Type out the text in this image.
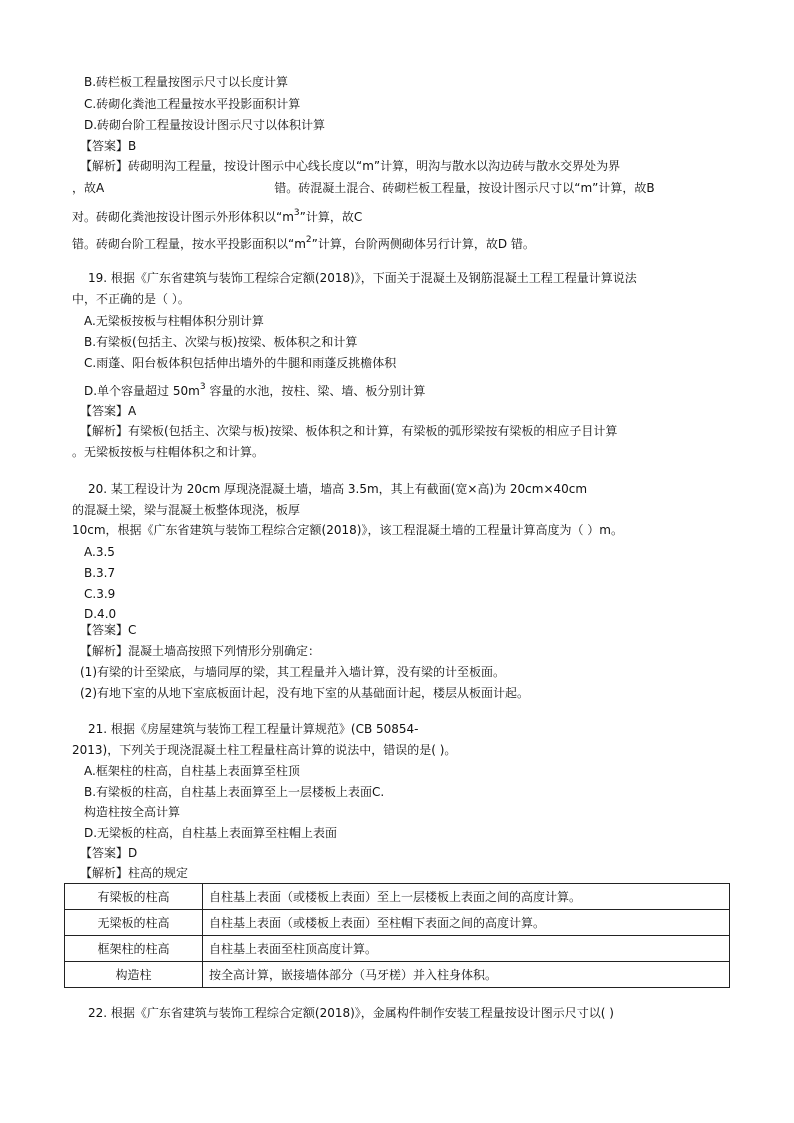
B.砖栏板工程量按图示尺寸以长度计算
C.砖砌化粪池工程量按水平投影面积计算
D.砖砌台阶工程量按设计图示尺寸以体积计算
【答案】B
【解析】砖砌明沟工程量，按设计图示中心线长度以“m”计算，明沟与散水以沟边砖与散水交界处为界
，故A	错。砖混凝土混合、砖砌栏板工程量，按设计图示尺寸以“m”计算，故B
对。砖砌化粪池按设计图示外形体积以“$m^3$”计算，故C
错。砖砌台阶工程量，按水平投影面积以“$m^2$”计算，台阶两侧砌体另行计算，故D 错。
19. 根据《广东省建筑与装饰工程综合定额(2018)》，下面关于混凝土及钢筋混凝土工程工程量计算说法
中，不正确的是（ ）。
A.无梁板按板与柱帽体积分别计算
B.有梁板(包括主、次梁与板)按梁、板体积之和计算
C.雨蓬、阳台板体积包括伸出墙外的牛腿和雨蓬反挑檐体积
D.单个容量超过 $50m^3$ 容量的水池，按柱、梁、墙、板分别计算
【答案】A
【解析】有梁板(包括主、次梁与板)按梁、板体积之和计算，有梁板的弧形梁按有梁板的相应子目计算
。无梁板按板与柱帽体积之和计算。
20. 某工程设计为 20cm 厚现浇混凝土墙，墙高 3.5m，其上有截面(宽×高)为 20cm×40cm
的混凝土梁，梁与混凝土板整体现浇，板厚
10cm，根据《广东省建筑与装饰工程综合定额(2018)》，该工程混凝土墙的工程量计算高度为（ ）m。
A.3.5
B.3.7
C.3.9
D.4.0
【答案】C
【解析】混凝土墙高按照下列情形分别确定：
(1)有梁的计至梁底，与墙同厚的梁，其工程量并入墙计算，没有梁的计至板面。
(2)有地下室的从地下室底板面计起，没有地下室的从基础面计起，楼层从板面计起。
21. 根据《房屋建筑与装饰工程工程量计算规范》(CB 50854-
2013)，下列关于现浇混凝土柱工程量柱高计算的说法中，错误的是( )。
A.框架柱的柱高，自柱基上表面算至柱顶
B.有梁板的柱高，自柱基上表面算至上一层楼板上表面C.
构造柱按全高计算
D.无梁板的柱高，自柱基上表面算至柱帽上表面
【答案】D
【解析】柱高的规定
有梁板的柱高	自柱基上表面（或楼板上表面）至上一层楼板上表面之间的高度计算。
无梁板的柱高	自柱基上表面（或楼板上表面）至柱帽下表面之间的高度计算。
框架柱的柱高	自柱基上表面至柱顶高度计算。
构造柱	按全高计算，嵌接墙体部分（马牙槎）并入柱身体积。
22. 根据《广东省建筑与装饰工程综合定额(2018)》，金属构件制作安装工程量按设计图示尺寸以( )
